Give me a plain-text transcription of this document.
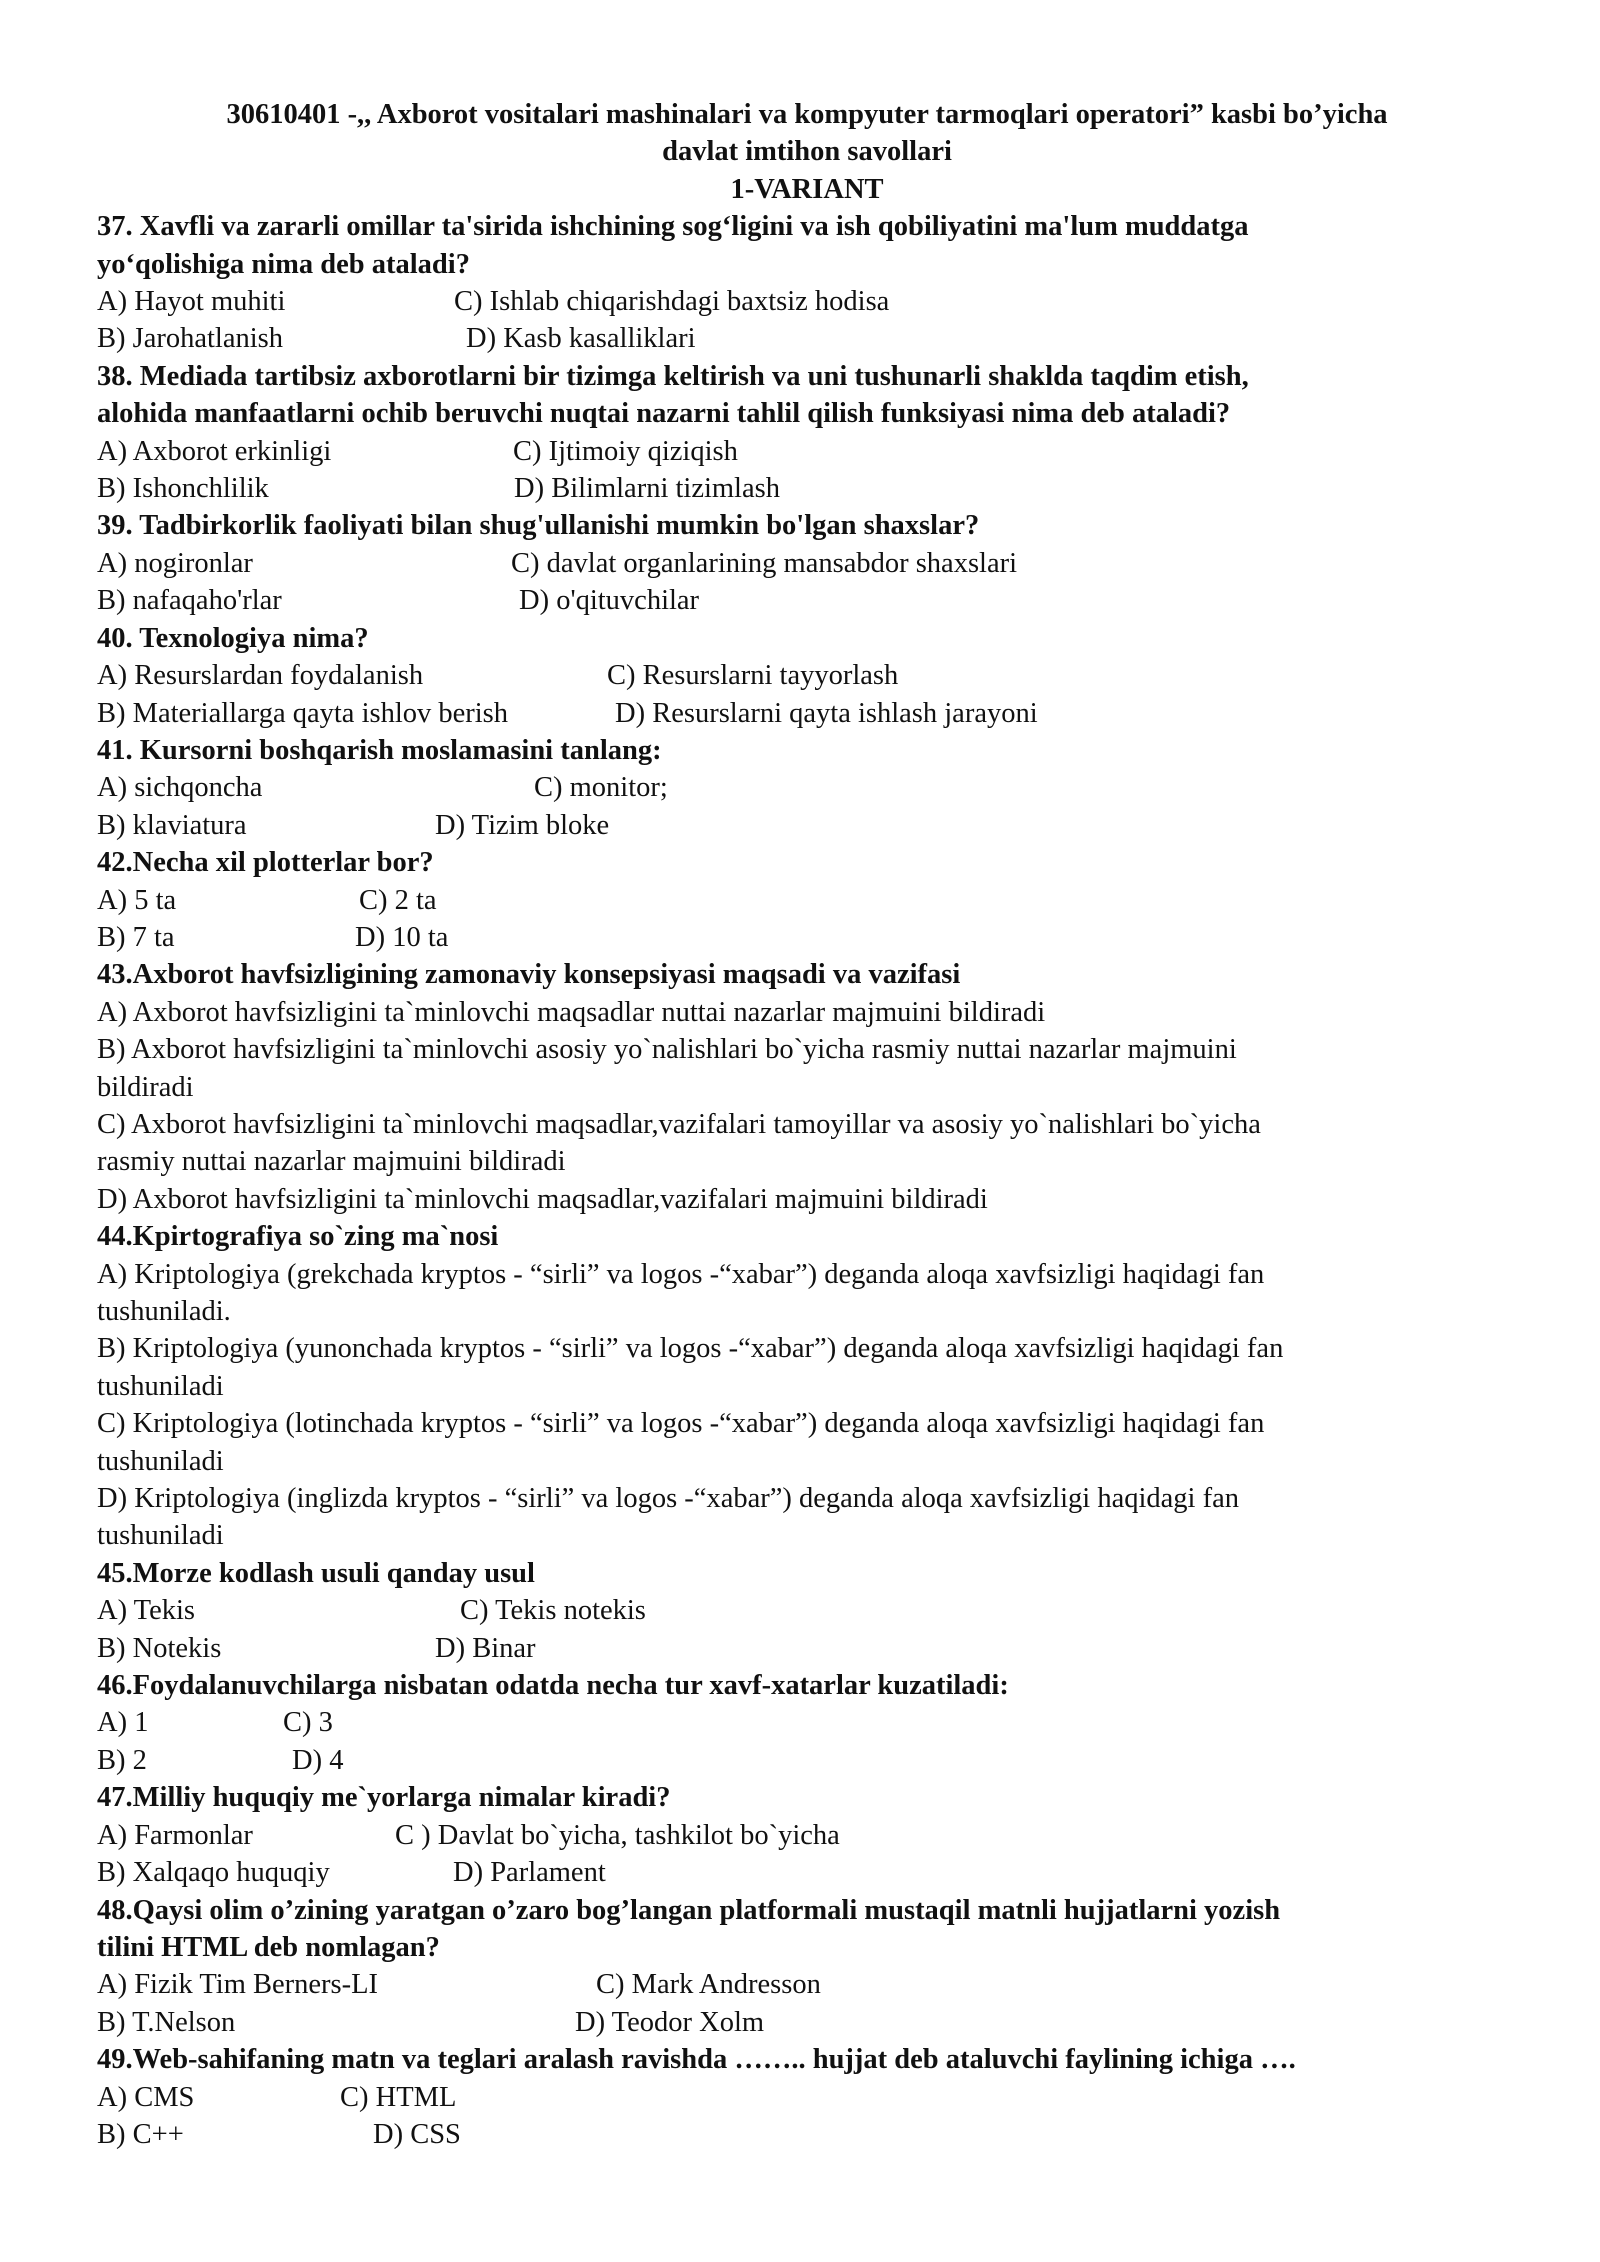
30610401 -,, Axborot vositalari mashinalari va kompyuter tarmoqlari operatori” kasbi bo’yicha
davlat imtihon savollari
1-VARIANT
37. Xavfli va zararli omillar ta'sirida ishchining sog‘ligini va ish qobiliyatini ma'lum muddatga
yo‘qolishiga nima deb ataladi?
A) Hayot muhiti	C) Ishlab chiqarishdagi baxtsiz hodisa
B) Jarohatlanish	D) Kasb kasalliklari
38. Mediada tartibsiz axborotlarni bir tizimga keltirish va uni tushunarli shaklda taqdim etish,
alohida manfaatlarni ochib beruvchi nuqtai nazarni tahlil qilish funksiyasi nima deb ataladi?
A) Axborot erkinligi	C) Ijtimoiy qiziqish
B) Ishonchlilik	D) Bilimlarni tizimlash
39. Tadbirkorlik faoliyati bilan shug'ullanishi mumkin bo'lgan shaxslar?
A) nogironlar	C) davlat organlarining mansabdor shaxslari
B) nafaqaho'rlar	D) o'qituvchilar
40. Texnologiya nima?
A) Resurslardan foydalanish	C) Resurslarni tayyorlash
B) Materiallarga qayta ishlov berish	D) Resurslarni qayta ishlash jarayoni
41. Kursorni boshqarish moslamasini tanlang:
A) sichqoncha	C) monitor;
B) klaviatura	D) Tizim bloke
42.Necha xil plotterlar bor?
A) 5 ta	C) 2 ta
B) 7 ta	D) 10 ta
43.Axborot havfsizligining zamonaviy konsepsiyasi maqsadi va vazifasi
A) Axborot havfsizligini ta`minlovchi maqsadlar nuttai nazarlar majmuini bildiradi
B) Axborot havfsizligini ta`minlovchi asosiy yo`nalishlari bo`yicha rasmiy nuttai nazarlar majmuini
bildiradi
C) Axborot havfsizligini ta`minlovchi maqsadlar,vazifalari tamoyillar va asosiy yo`nalishlari bo`yicha
rasmiy nuttai nazarlar majmuini bildiradi
D) Axborot havfsizligini ta`minlovchi maqsadlar,vazifalari majmuini bildiradi
44.Kpirtografiya so`zing ma`nosi
A) Kriptologiya (grekchada kryptos - “sirli” va logos -“xabar”) deganda aloqa xavfsizligi haqidagi fan
tushuniladi.
B) Kriptologiya (yunonchada kryptos - “sirli” va logos -“xabar”) deganda aloqa xavfsizligi haqidagi fan
tushuniladi
C) Kriptologiya (lotinchada kryptos - “sirli” va logos -“xabar”) deganda aloqa xavfsizligi haqidagi fan
tushuniladi
D) Kriptologiya (inglizda kryptos - “sirli” va logos -“xabar”) deganda aloqa xavfsizligi haqidagi fan
tushuniladi
45.Morze kodlash usuli qanday usul
A) Tekis	C) Tekis notekis
B) Notekis	D) Binar
46.Foydalanuvchilarga nisbatan odatda necha tur xavf-xatarlar kuzatiladi:
A) 1	C) 3
B) 2	D) 4
47.Milliy huquqiy me`yorlarga nimalar kiradi?
A) Farmonlar	C ) Davlat bo`yicha, tashkilot bo`yicha
B) Xalqaqo huquqiy	D) Parlament
48.Qaysi olim o’zining yaratgan o’zaro bog’langan platformali mustaqil matnli hujjatlarni yozish
tilini HTML deb nomlagan?
A) Fizik Tim Berners-LI	C) Mark Andresson
B) T.Nelson	D) Teodor Xolm
49.Web-sahifaning matn va teglari aralash ravishda …….. hujjat deb ataluvchi faylining ichiga ….
A) CMS	C) HTML
B) C++	D) CSS
